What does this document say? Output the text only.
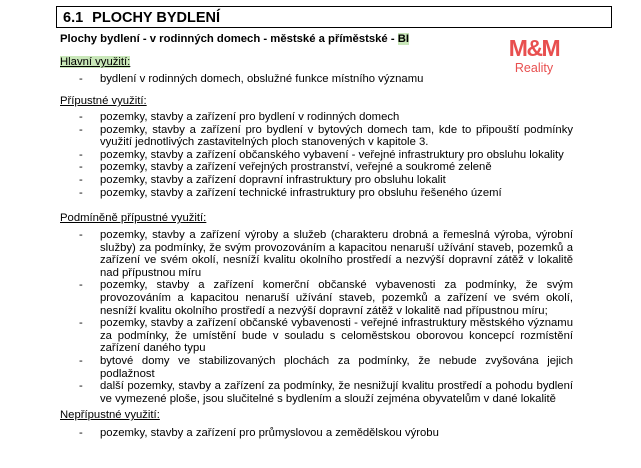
6.1 PLOCHY BYDLENÍ
Plochy bydlení - v rodinných domech - městské a příměstské - BI	M&M
Reality
Hlavní využití:
- bydlení v rodinných domech, obslužné funkce místního významu
Přípustné využití:
- pozemky, stavby a zařízení pro bydlení v rodinných domech
- pozemky, stavby a zařízení pro bydlení v bytových domech tam, kde to připouští podmínky využití jednotlivých zastavitelných ploch stanovených v kapitole 3.
- pozemky, stavby a zařízení občanského vybavení - veřejné infrastruktury pro obsluhu lokality
- pozemky, stavby a zařízení veřejných prostranství, veřejné a soukromé zeleně
- pozemky, stavby a zařízení dopravní infrastruktury pro obsluhu lokalit
- pozemky, stavby a zařízení technické infrastruktury pro obsluhu řešeného území
Podmíněně přípustné využití:
- pozemky, stavby a zařízení výroby a služeb (charakteru drobná a řemeslná výroba, výrobní služby) za podmínky, že svým provozováním a kapacitou nenaruší užívání staveb, pozemků a zařízení ve svém okolí, nesníží kvalitu okolního prostředí a nezvýší dopravní zátěž v lokalitě nad přípustnou míru
- pozemky, stavby a zařízení komerční občanské vybavenosti za podmínky, že svým provozováním a kapacitou nenaruší užívání staveb, pozemků a zařízení ve svém okolí, nesníží kvalitu okolního prostředí a nezvýší dopravní zátěž v lokalitě nad přípustnou míru;
- pozemky, stavby a zařízení občanské vybavenosti - veřejné infrastruktury městského významu za podmínky, že umístění bude v souladu s celoměstskou oborovou koncepcí rozmístění zařízení daného typu
- bytové domy ve stabilizovaných plochách za podmínky, že nebude zvyšována jejich podlažnost
- další pozemky, stavby a zařízení za podmínky, že nesnižují kvalitu prostředí a pohodu bydlení ve vymezené ploše, jsou slučitelné s bydlením a slouží zejména obyvatelům v dané lokalitě
Nepřípustné využití:
- pozemky, stavby a zařízení pro průmyslovou a zemědělskou výrobu
